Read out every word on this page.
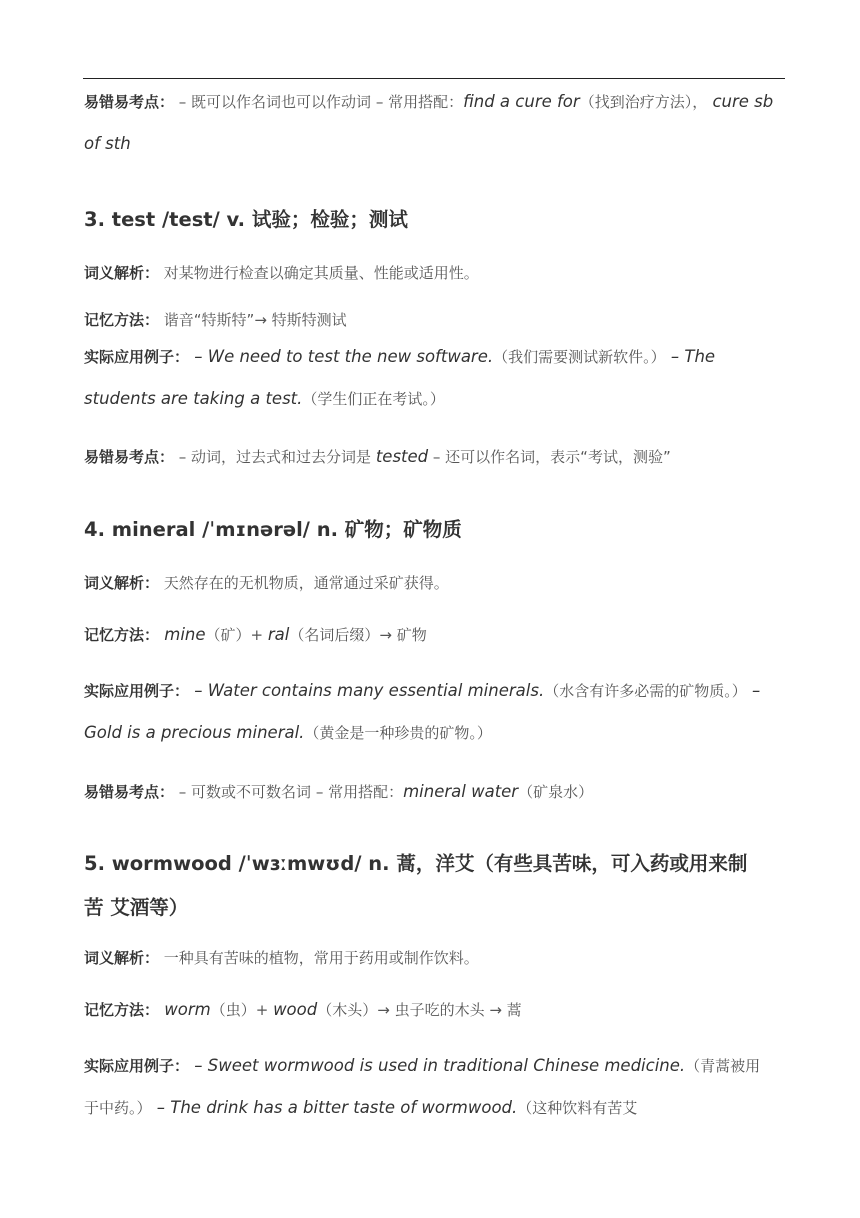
易错易考点： – 既可以作名词也可以作动词 – 常用搭配：find a cure for（找到治疗方法）， cure sb of sth

3. test /test/ v. 试验；检验；测试

词义解析： 对某物进行检查以确定其质量、性能或适用性。

记忆方法： 谐音“特斯特”→ 特斯特测试

实际应用例子： – We need to test the new software.（我们需要测试新软件。） – The students are taking a test.（学生们正在考试。）

易错易考点： – 动词，过去式和过去分词是 tested – 还可以作名词，表示“考试，测验”

4. mineral /ˈmɪnərəl/ n. 矿物；矿物质

词义解析： 天然存在的无机物质，通常通过采矿获得。

记忆方法： mine（矿）+ ral（名词后缀）→ 矿物

实际应用例子： – Water contains many essential minerals.（水含有许多必需的矿物质。） – Gold is a precious mineral.（黄金是一种珍贵的矿物。）

易错易考点： – 可数或不可数名词 – 常用搭配：mineral water（矿泉水）

5. wormwood /ˈwɜːmwʊd/ n. 蒿，洋艾（有些具苦味，可入药或用来制
苦 艾酒等）

词义解析： 一种具有苦味的植物，常用于药用或制作饮料。

记忆方法： worm（虫）+ wood（木头）→ 虫子吃的木头 → 蒿

实际应用例子： – Sweet wormwood is used in traditional Chinese medicine.（青蒿被用 于中药。） – The drink has a bitter taste of wormwood.（这种饮料有苦艾
